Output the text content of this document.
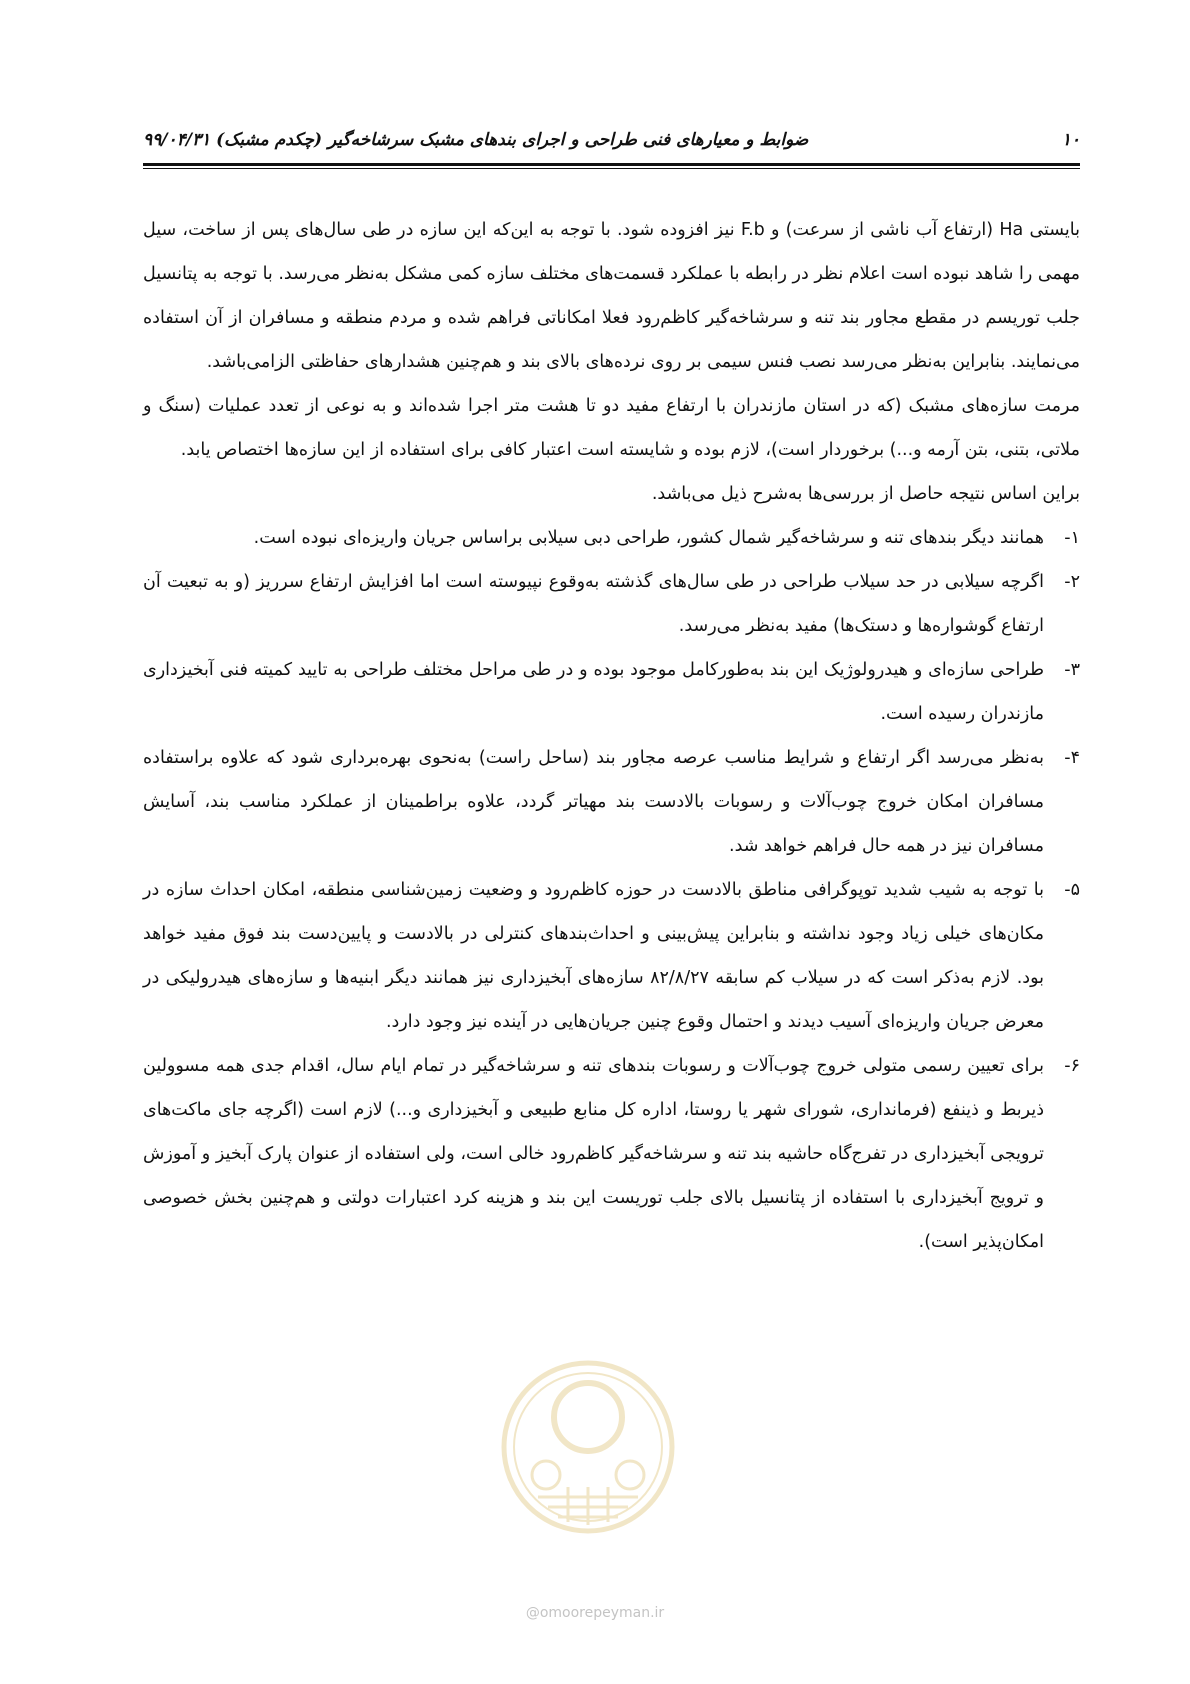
۱۰
ضوابط و معیارهای فنی طراحی و اجرای بندهای مشبک سرشاخه‌گیر (چکدم مشبک) ۹۹/۰۴/۳۱

بایستی Ha (ارتفاع آب ناشی از سرعت) و F.b نیز افزوده شود. با توجه به این‌که این سازه در طی سال‌های پس از ساخت، سیل مهمی را شاهد نبوده است اعلام نظر در رابطه با عملکرد قسمت‌های مختلف سازه کمی مشکل به‌نظر می‌رسد. با توجه به پتانسیل جلب توریسم در مقطع مجاور بند تنه و سرشاخه‌گیر کاظم‌رود فعلا امکاناتی فراهم شده و مردم منطقه و مسافران از آن استفاده می‌نمایند. بنابراین به‌نظر می‌رسد نصب فنس سیمی بر روی نرده‌های بالای بند و هم‌چنین هشدارهای حفاظتی الزامی‌باشد.

مرمت سازه‌های مشبک (که در استان مازندران با ارتفاع مفید دو تا هشت متر اجرا شده‌اند و به نوعی از تعدد عملیات (سنگ و ملاتی، بتنی، بتن آرمه و...) برخوردار است)، لازم بوده و شایسته است اعتبار کافی برای استفاده از این سازه‌ها اختصاص یابد.

براین اساس نتیجه حاصل از بررسی‌ها به‌شرح ذیل می‌باشد.

۱-
همانند دیگر بندهای تنه و سرشاخه‌گیر شمال کشور، طراحی دبی سیلابی براساس جریان واریزه‌ای نبوده است.
۲-
اگرچه سیلابی در حد سیلاب طراحی در طی سال‌های گذشته به‌وقوع نپیوسته است اما افزایش ارتفاع سرریز (و به تبعیت آن ارتفاع گوشواره‌ها و دستک‌ها) مفید به‌نظر می‌رسد.
۳-
طراحی سازه‌ای و هیدرولوژیک این بند به‌طورکامل موجود بوده و در طی مراحل مختلف طراحی به تایید کمیته فنی آبخیزداری مازندران رسیده است.
۴-
به‌نظر می‌رسد اگر ارتفاع و شرایط مناسب عرصه مجاور بند (ساحل راست) به‌نحوی بهره‌برداری شود که علاوه براستفاده مسافران امکان خروج چوب‌آلات و رسوبات بالادست بند مهیاتر گردد، علاوه براطمینان از عملکرد مناسب بند، آسایش مسافران نیز در همه حال فراهم خواهد شد.
۵-
با توجه به شیب شدید توپوگرافی مناطق بالادست در حوزه کاظم‌رود و وضعیت زمین‌شناسی منطقه، امکان احداث سازه در مکان‌های خیلی زیاد وجود نداشته و بنابراین پیش‌بینی و احداث‌بندهای کنترلی در بالادست و پایین‌دست بند فوق مفید خواهد بود. لازم به‌ذکر است که در سیلاب کم سابقه ۸۲/۸/۲۷ سازه‌های آبخیزداری نیز همانند دیگر ابنیه‌ها و سازه‌های هیدرولیکی در معرض جریان واریزه‌ای آسیب دیدند و احتمال وقوع چنین جریان‌هایی در آینده نیز وجود دارد.
۶-
برای تعیین رسمی متولی خروج چوب‌آلات و رسوبات بندهای تنه و سرشاخه‌گیر در تمام ایام سال، اقدام جدی همه مسوولین ذیربط و ذینفع (فرمانداری، شورای شهر یا روستا، اداره کل منابع طبیعی و آبخیزداری و...) لازم است (اگرچه جای ماکت‌های ترویجی آبخیزداری در تفرج‌گاه حاشیه بند تنه و سرشاخه‌گیر کاظم‌رود خالی است، ولی استفاده از عنوان پارک آبخیز و آموزش و ترویج آبخیزداری با استفاده از پتانسیل بالای جلب توریست این بند و هزینه کرد اعتبارات دولتی و هم‌چنین بخش خصوصی امکان‌پذیر است).
@omoorepeyman.ir
